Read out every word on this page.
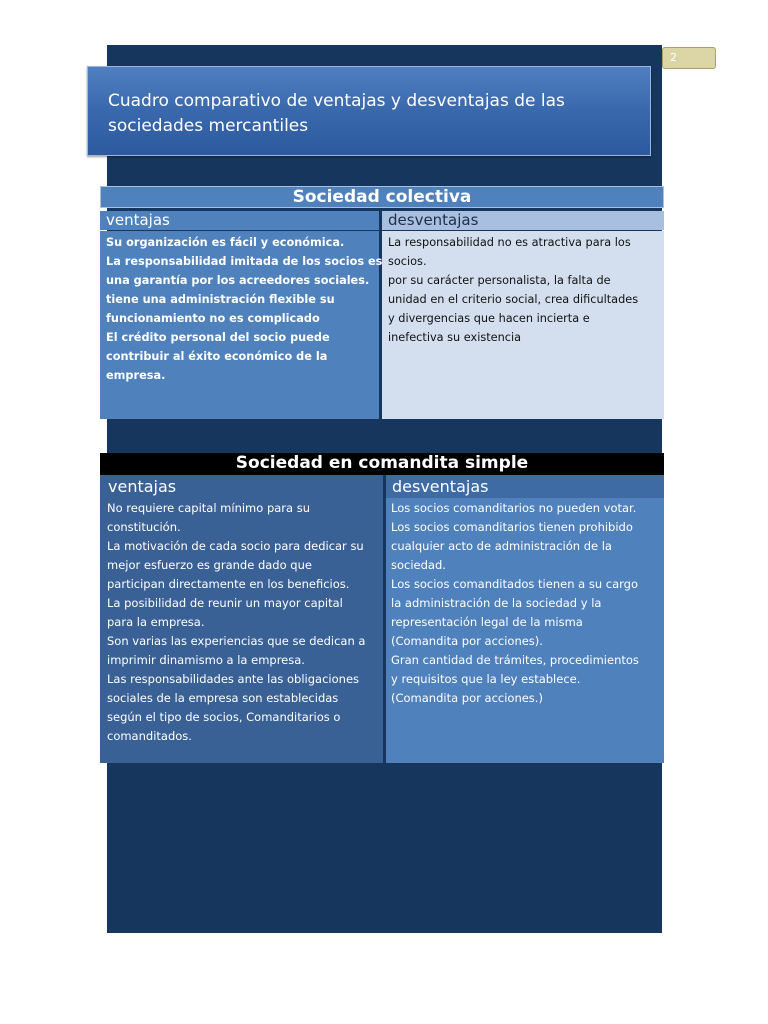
2
Cuadro comparativo de ventajas y desventajas de las
sociedades mercantiles
Sociedad colectiva
ventajas	desventajas
Su organización es fácil y económica.
La responsabilidad imitada de los socios es
una garantía por los acreedores sociales.
tiene una administración flexible su
funcionamiento no es complicado
El crédito personal del socio puede
contribuir al éxito económico de la
empresa.
La responsabilidad no es atractiva para los
socios.
por su carácter personalista, la falta de
unidad en el criterio social, crea dificultades
y divergencias que hacen incierta e
inefectiva su existencia
Sociedad en comandita simple
ventajas
No requiere capital mínimo para su
constitución.
La motivación de cada socio para dedicar su
mejor esfuerzo es grande dado que
participan directamente en los beneficios.
La posibilidad de reunir un mayor capital
para la empresa.
Son varias las experiencias que se dedican a
imprimir dinamismo a la empresa.
Las responsabilidades ante las obligaciones
sociales de la empresa son establecidas
según el tipo de socios, Comanditarios o
comanditados.
desventajas
Los socios comanditarios no pueden votar.
Los socios comanditarios tienen prohibido
cualquier acto de administración de la
sociedad.
Los socios comanditados tienen a su cargo
la administración de la sociedad y la
representación legal de la misma
(Comandita por acciones).
Gran cantidad de trámites, procedimientos
y requisitos que la ley establece.
(Comandita por acciones.)
